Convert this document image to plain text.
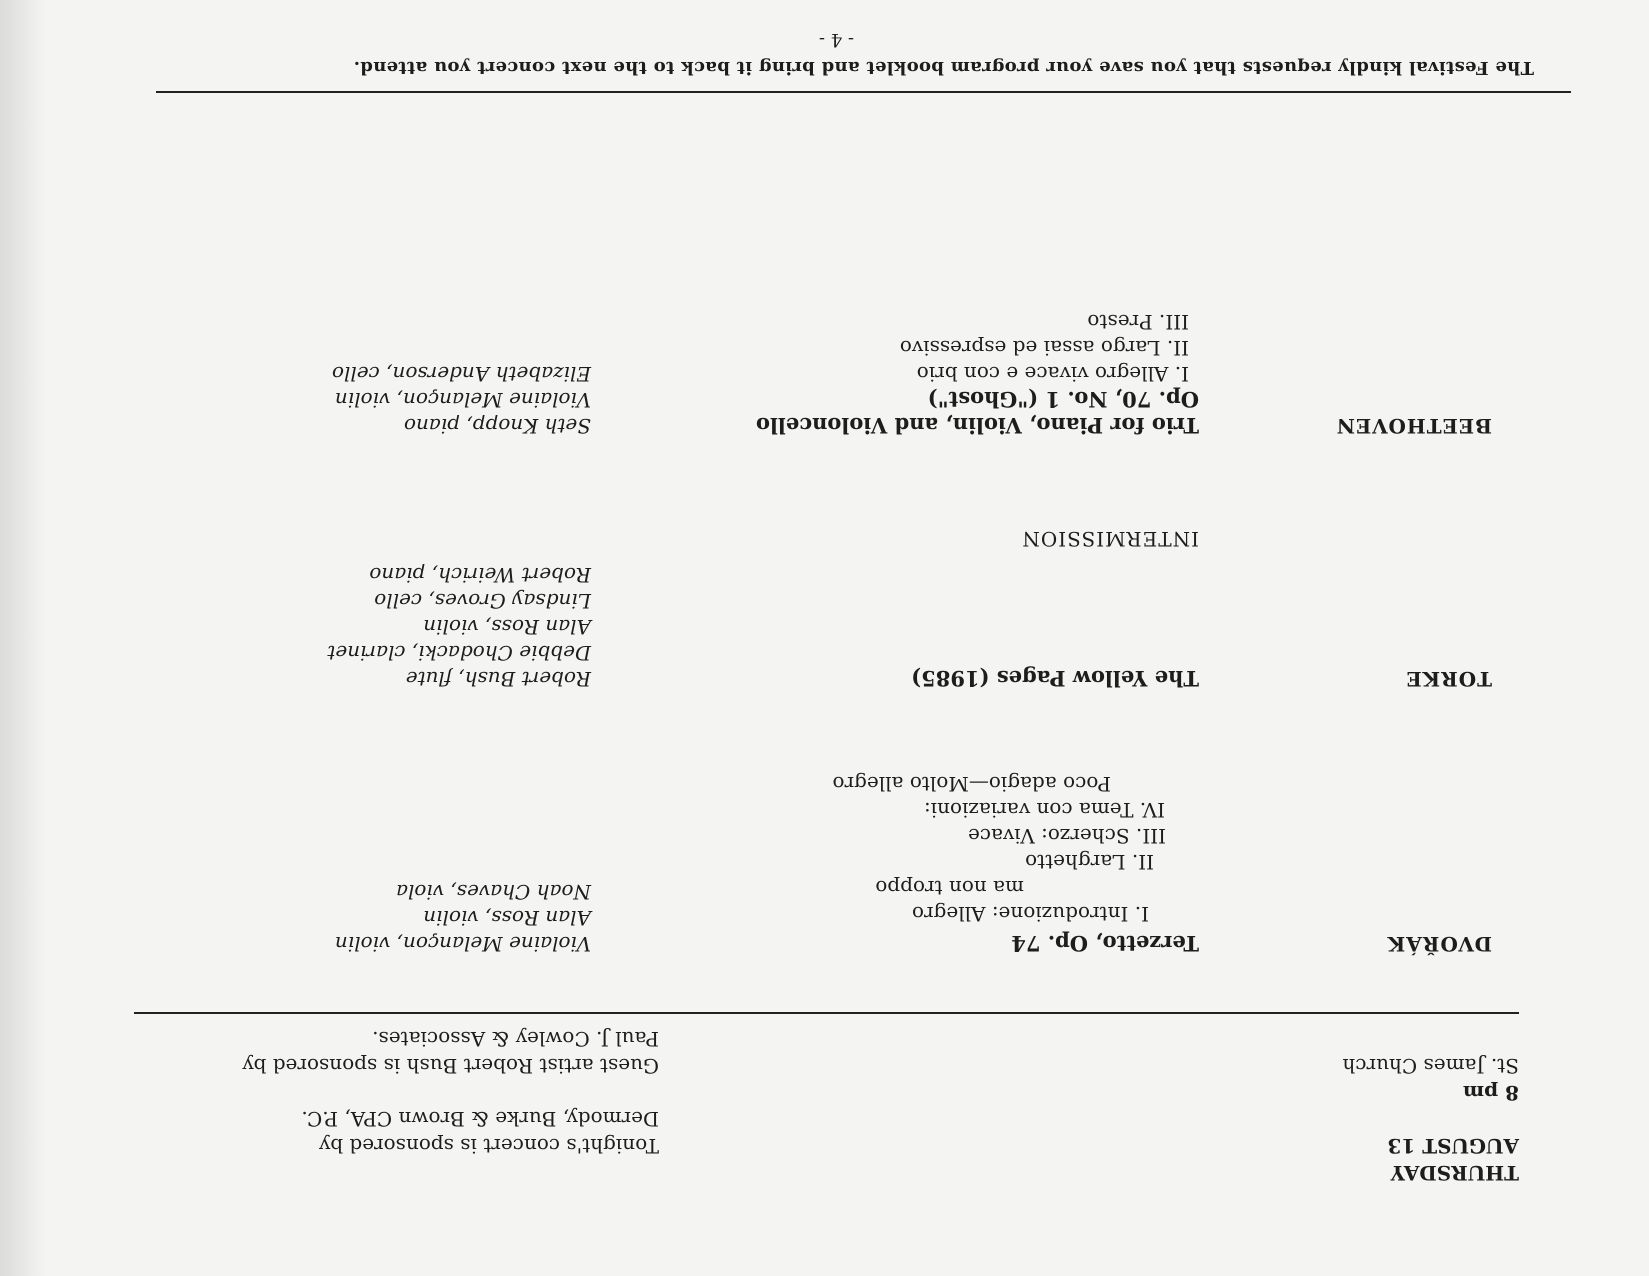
THURSDAY
AUGUST 13
8 pm
St. James Church
Tonight's concert is sponsored by
Dermody, Burke & Brown CPA, P.C.
Guest artist Robert Bush is sponsored by
Paul J. Cowley & Associates.
DVOŘÁK
Terzetto, Op. 74
I. Introduzione: Allegro
ma non troppo
II. Larghetto
III. Scherzo: Vivace
IV. Tema con variazioni:
Poco adagio—Molto allegro
Violaine Melançon, violin
Alan Ross, violin
Noah Chaves, viola
TORKE
The Yellow Pages (1985)
Robert Bush, flute
Debbie Chodacki, clarinet
Alan Ross, violin
Lindsay Groves, cello
Robert Weirich, piano
INTERMISSION
BEETHOVEN
Trio for Piano, Violin, and Violoncello
Op. 70, No. 1 ("Ghost")
I. Allegro vivace e con brio
II. Largo assai ed espressivo
III. Presto
Seth Knopp, piano
Violaine Melançon, violin
Elizabeth Anderson, cello
The Festival kindly requests that you save your program booklet and bring it back to the next concert you attend.
- 4 -
